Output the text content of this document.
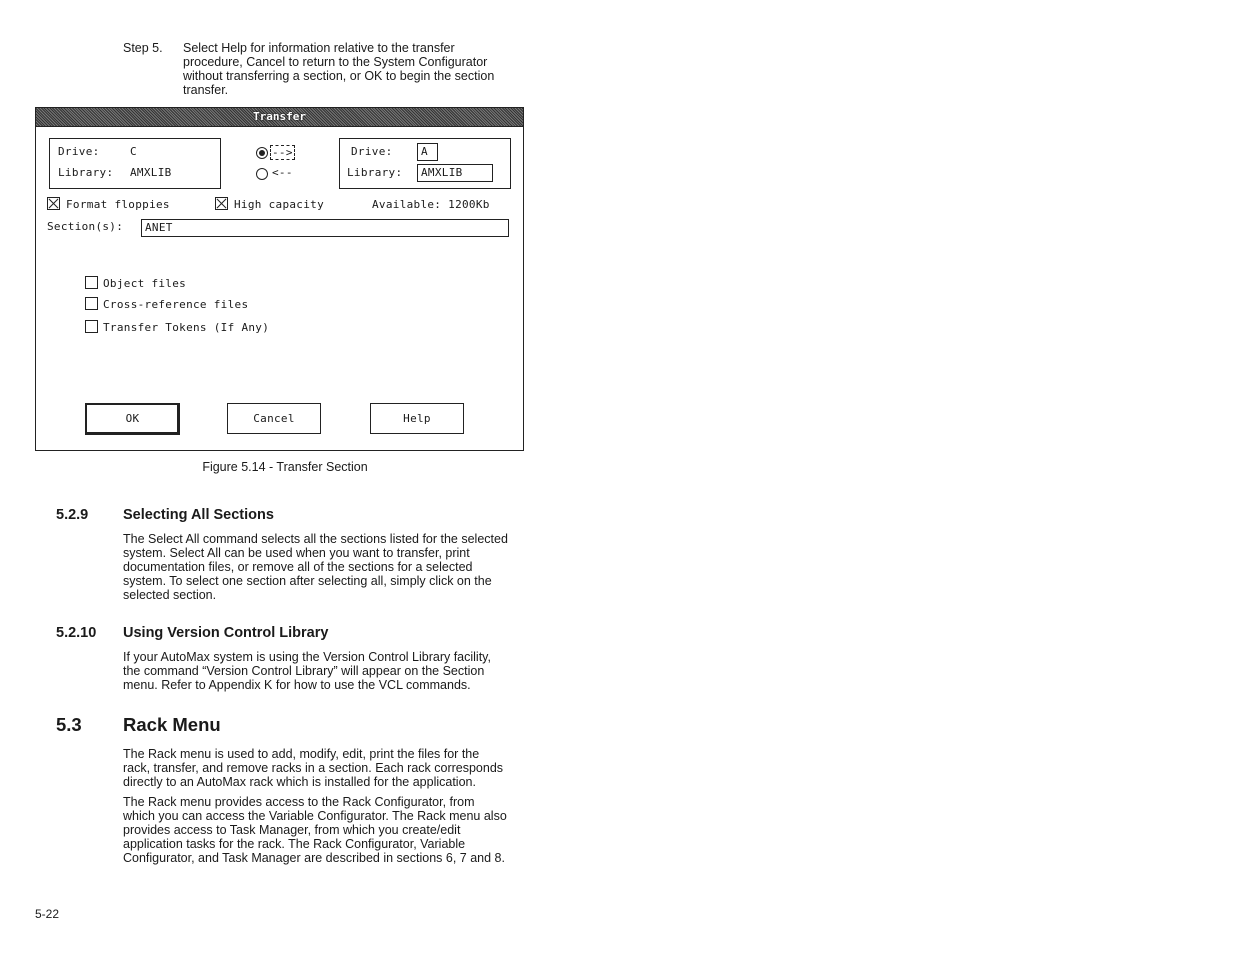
Step 5. Select Help for information relative to the transfer procedure, Cancel to return to the System Configurator without transferring a section, or OK to begin the section transfer.
Transfer
Drive:	C
Library: AMXLIB
-->
<--
Drive:	A
Library:	AMXLIB
Format floppies	High capacity	Available: 1200Kb
Section(s):	ANET
Object files
Cross-reference files
Transfer Tokens (If Any)
OK	Cancel	Help
Figure 5.14 - Transfer Section
5.2.9 Selecting All Sections
The Select All command selects all the sections listed for the selected system. Select All can be used when you want to transfer, print documentation files, or remove all of the sections for a selected system. To select one section after selecting all, simply click on the selected section.
5.2.10 Using Version Control Library
If your AutoMax system is using the Version Control Library facility, the command “Version Control Library” will appear on the Section menu. Refer to Appendix K for how to use the VCL commands.
5.3 Rack Menu
The Rack menu is used to add, modify, edit, print the files for the rack, transfer, and remove racks in a section. Each rack corresponds directly to an AutoMax rack which is installed for the application.
The Rack menu provides access to the Rack Configurator, from which you can access the Variable Configurator. The Rack menu also provides access to Task Manager, from which you create/edit application tasks for the rack. The Rack Configurator, Variable Configurator, and Task Manager are described in sections 6, 7 and 8.
5-22
